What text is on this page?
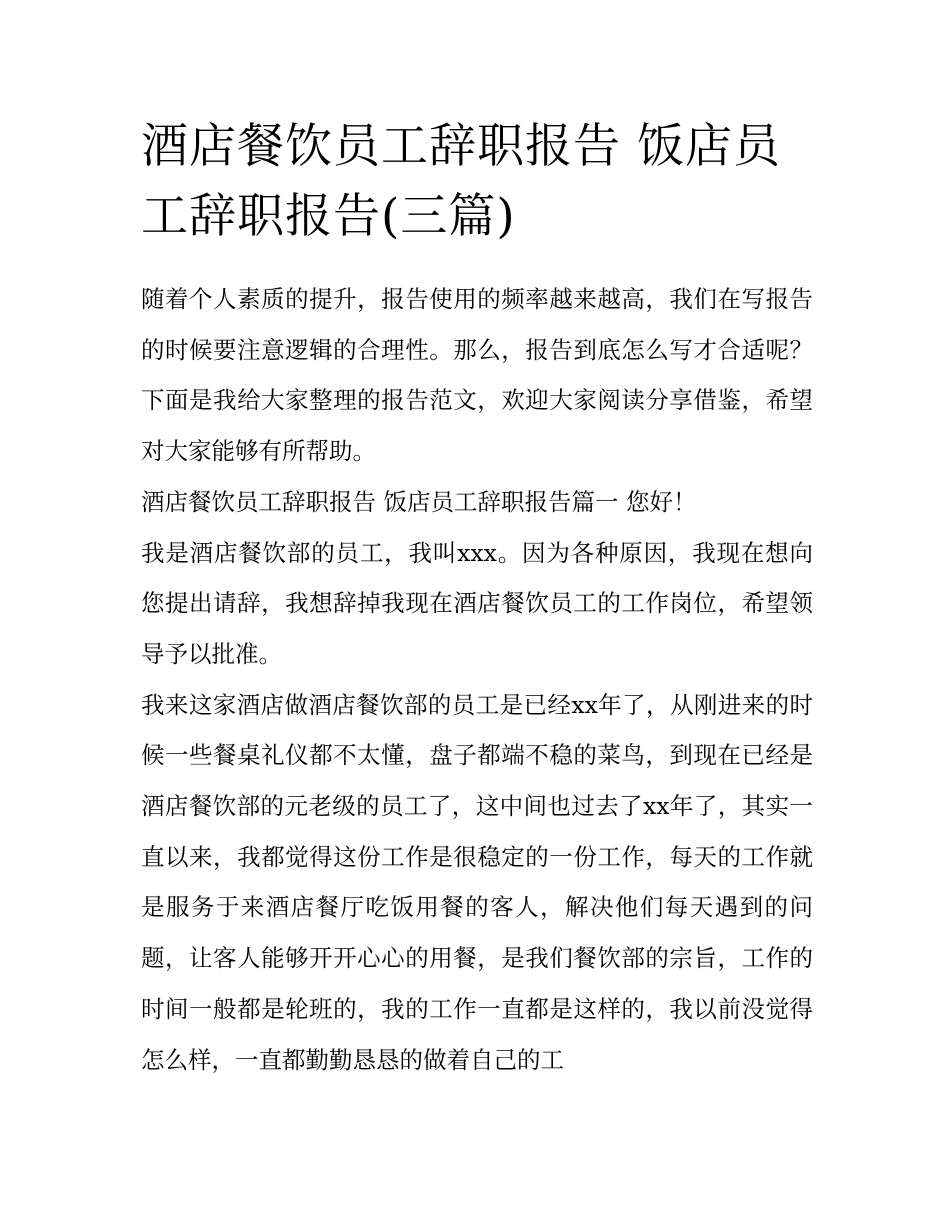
酒店餐饮员工辞职报告 饭店员工辞职报告(三篇)

随着个人素质的提升，报告使用的频率越来越高，我们在写报告的时候要注意逻辑的合理性。那么，报告到底怎么写才合适呢？下面是我给大家整理的报告范文，欢迎大家阅读分享借鉴，希望对大家能够有所帮助。

酒店餐饮员工辞职报告 饭店员工辞职报告篇一 您好！

我是酒店餐饮部的员工，我叫xxx。因为各种原因，我现在想向您提出请辞，我想辞掉我现在酒店餐饮员工的工作岗位，希望领导予以批准。

我来这家酒店做酒店餐饮部的员工是已经xx年了，从刚进来的时候一些餐桌礼仪都不太懂，盘子都端不稳的菜鸟，到现在已经是酒店餐饮部的元老级的员工了，这中间也过去了xx年了，其实一直以来，我都觉得这份工作是很稳定的一份工作，每天的工作就是服务于来酒店餐厅吃饭用餐的客人，解决他们每天遇到的问题，让客人能够开开心心的用餐，是我们餐饮部的宗旨，工作的时间一般都是轮班的，我的工作一直都是这样的，我以前没觉得怎么样，一直都勤勤恳恳的做着自己的工
